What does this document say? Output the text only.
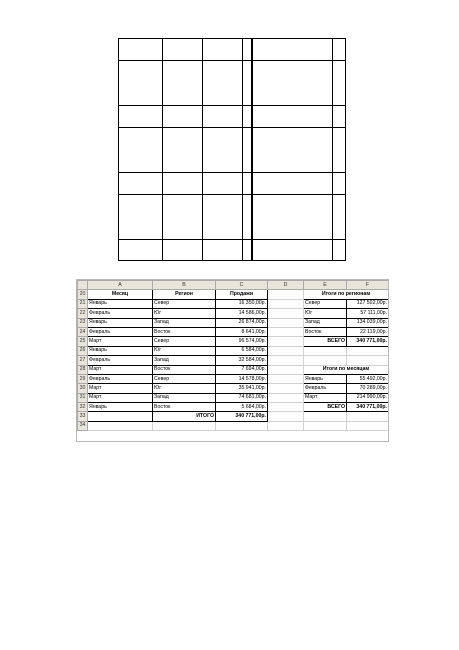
	A	B	C	D	E	F
20	Месяц	Регион	Продажи		Итоги по регионам	
21	Январь	Север	16 350,00р.		Север	127 502,00р.
22	Февраль	Юг	14 586,00р.		Юг	57 111,00р.
23	Январь	Запад	26 874,00р.		Запад	134 039,00р.
24	Февраль	Восток	8 641,00р.		Восток	22 119,00р.
25	Март	Север	96 574,00р.		ВСЕГО	340 771,00р.
26	Январь	Юг	6 584,00р.			
27	Февраль	Запад	32 584,00р.			
28	Март	Восток	7 694,00р.		Итоги по месяцам	
29	Февраль	Север	14 578,00р.		Январь	55 492,00р.
30	Март	Юг	35 941,00р.		Февраль	70 289,00р.
31	Март	Запад	74 681,00р.		Март	214 990,00р.
32	Январь	Восток	5 684,00р.		ВСЕГО	340 771,00р.
33		ИТОГО	340 771,00р.			
34						
